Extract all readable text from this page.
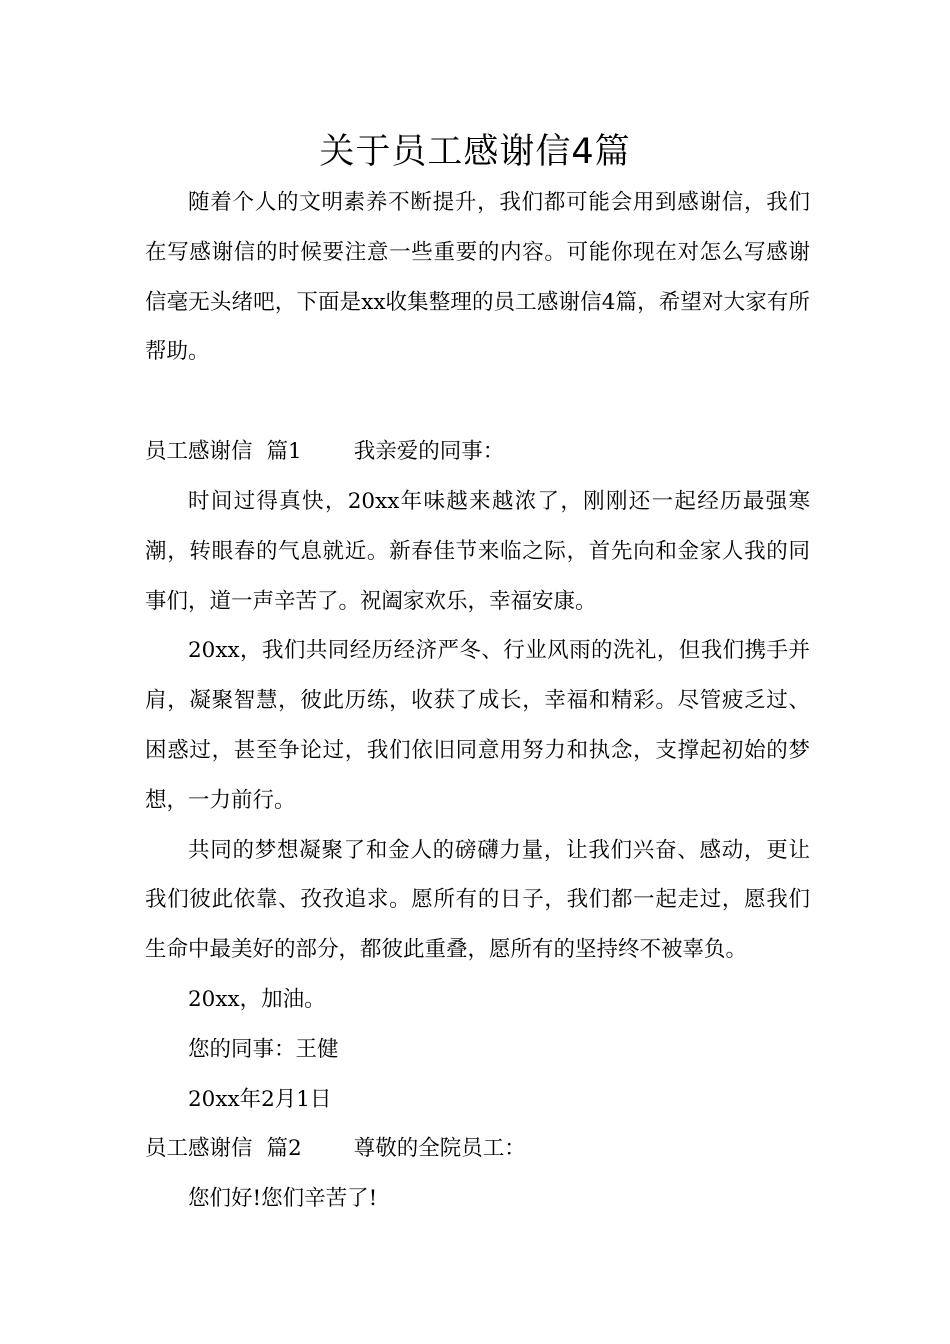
关于员工感谢信4篇

随着个人的文明素养不断提升，我们都可能会用到感谢信，我们在写感谢信的时候要注意一些重要的内容。可能你现在对怎么写感谢信毫无头绪吧，下面是xx收集整理的员工感谢信4篇，希望对大家有所帮助。

员工感谢信 篇1 我亲爱的同事：

时间过得真快，20xx年味越来越浓了，刚刚还一起经历最强寒潮，转眼春的气息就近。新春佳节来临之际，首先向和金家人我的同事们，道一声辛苦了。祝阖家欢乐，幸福安康。

20xx，我们共同经历经济严冬、行业风雨的洗礼，但我们携手并肩，凝聚智慧，彼此历练，收获了成长，幸福和精彩。尽管疲乏过、困惑过，甚至争论过，我们依旧同意用努力和执念，支撑起初始的梦想，一力前行。

共同的梦想凝聚了和金人的磅礴力量，让我们兴奋、感动，更让我们彼此依靠、孜孜追求。愿所有的日子，我们都一起走过，愿我们生命中最美好的部分，都彼此重叠，愿所有的坚持终不被辜负。

20xx，加油。

您的同事：王健

20xx年2月1日

员工感谢信 篇2 尊敬的全院员工：

您们好!您们辛苦了!
